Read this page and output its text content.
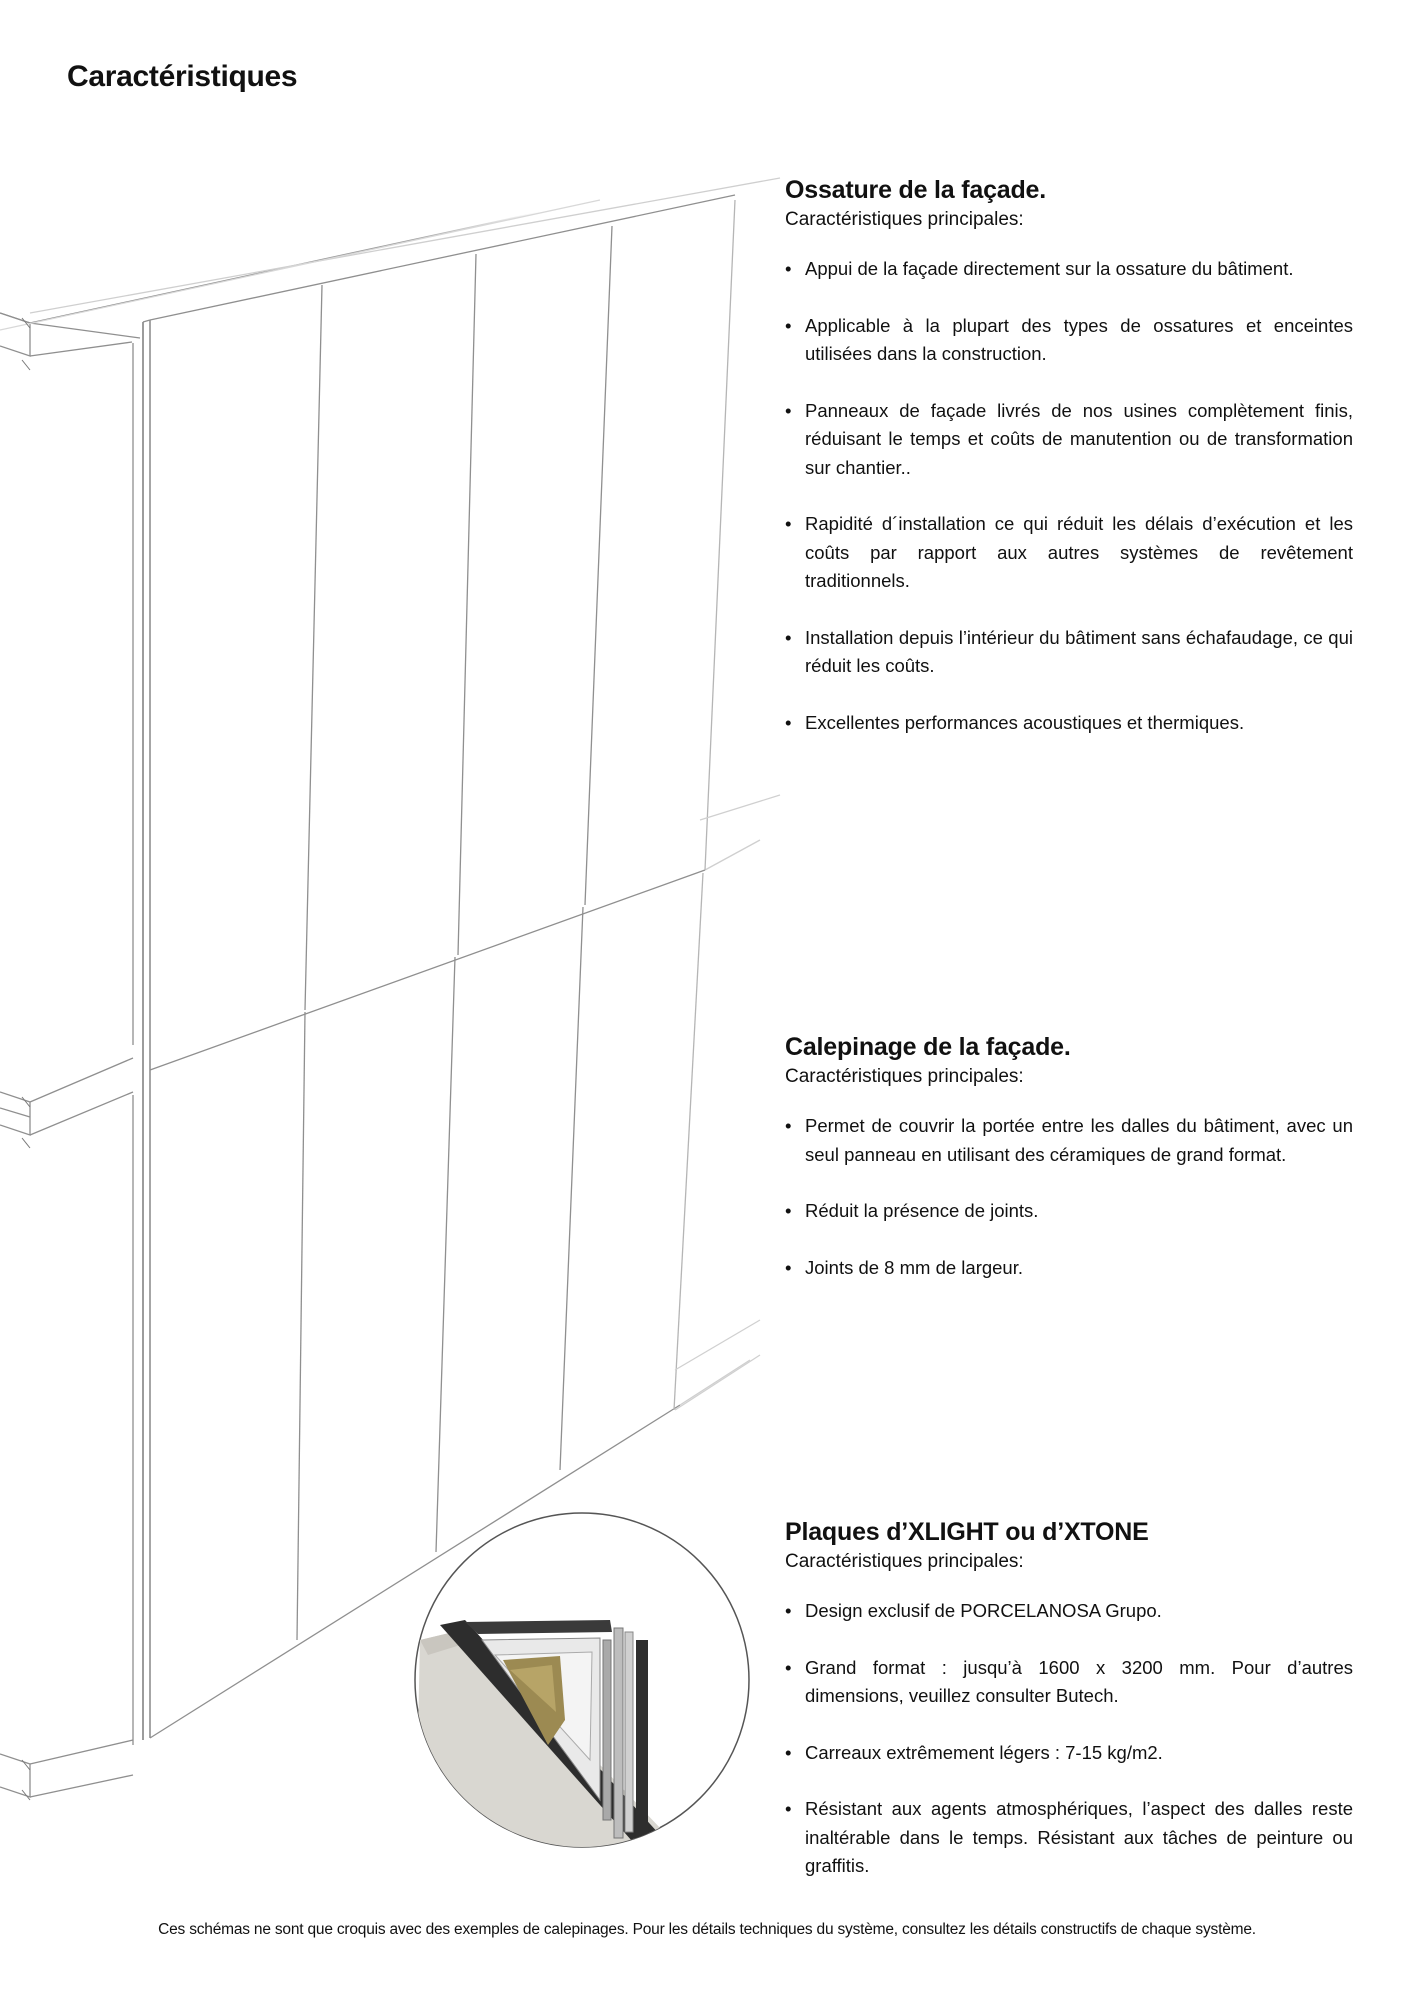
Caractéristiques
Ossature de la façade.

Caractéristiques principales:

• Appui de la façade directement sur la ossature du bâtiment.
• Applicable à la plupart des types de ossatures et enceintes utilisées dans la construction.
• Panneaux de façade livrés de nos usines complètement finis, réduisant le temps et coûts de manutention ou de transformation sur chantier..
• Rapidité d´installation ce qui réduit les délais d’exécution et les coûts par rapport aux autres systèmes de revêtement traditionnels.
• Installation depuis l’intérieur du bâtiment sans échafaudage, ce qui réduit les coûts.
• Excellentes performances acoustiques et thermiques.
Calepinage de la façade.

Caractéristiques principales:

• Permet de couvrir la portée entre les dalles du bâtiment, avec un seul panneau en utilisant des céramiques de grand format.
• Réduit la présence de joints.
• Joints de 8 mm de largeur.
Plaques d’XLIGHT ou d’XTONE

Caractéristiques principales:

• Design exclusif de PORCELANOSA Grupo.
• Grand format : jusqu’à 1600 x 3200 mm. Pour d’autres dimensions, veuillez consulter Butech.
• Carreaux extrêmement légers : 7-15 kg/m2.
• Résistant aux agents atmosphériques, l’aspect des dalles reste inaltérable dans le temps. Résistant aux tâches de peinture ou graffitis.
Ces schémas ne sont que croquis avec des exemples de calepinages. Pour les détails techniques du système, consultez les détails constructifs de chaque système.
